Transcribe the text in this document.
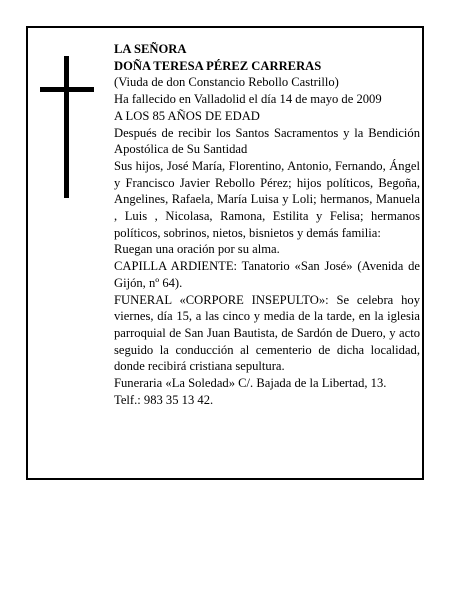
LA SEÑORA

DOÑA TERESA PÉREZ CARRERAS

(Viuda de don Constancio Rebollo Castrillo)

Ha fallecido en Valladolid el día 14 de mayo de 2009

A LOS 85 AÑOS DE EDAD

Después de recibir los Santos Sacramentos y la Bendición Apostólica de Su Santidad

Sus hijos, José María, Florentino, Antonio, Fernando, Ángel y Francisco Javier Rebollo Pérez; hijos políticos, Begoña, Angelines, Rafaela, María Luisa y Loli; hermanos, Manuela , Luis , Nicolasa, Ramona, Estilita y Felisa; hermanos políticos, sobrinos, nietos, bisnietos y demás familia:

Ruegan una oración por su alma.

CAPILLA ARDIENTE: Tanatorio «San José» (Avenida de Gijón, nº 64).

FUNERAL «CORPORE INSEPULTO»: Se celebra hoy viernes, día 15, a las cinco y media de la tarde, en la iglesia parroquial de San Juan Bautista, de Sardón de Duero, y acto seguido la conducción al cementerio de dicha localidad, donde recibirá cristiana sepultura.

Funeraria «La Soledad» C/. Bajada de la Libertad, 13.

Telf.: 983 35 13 42.
